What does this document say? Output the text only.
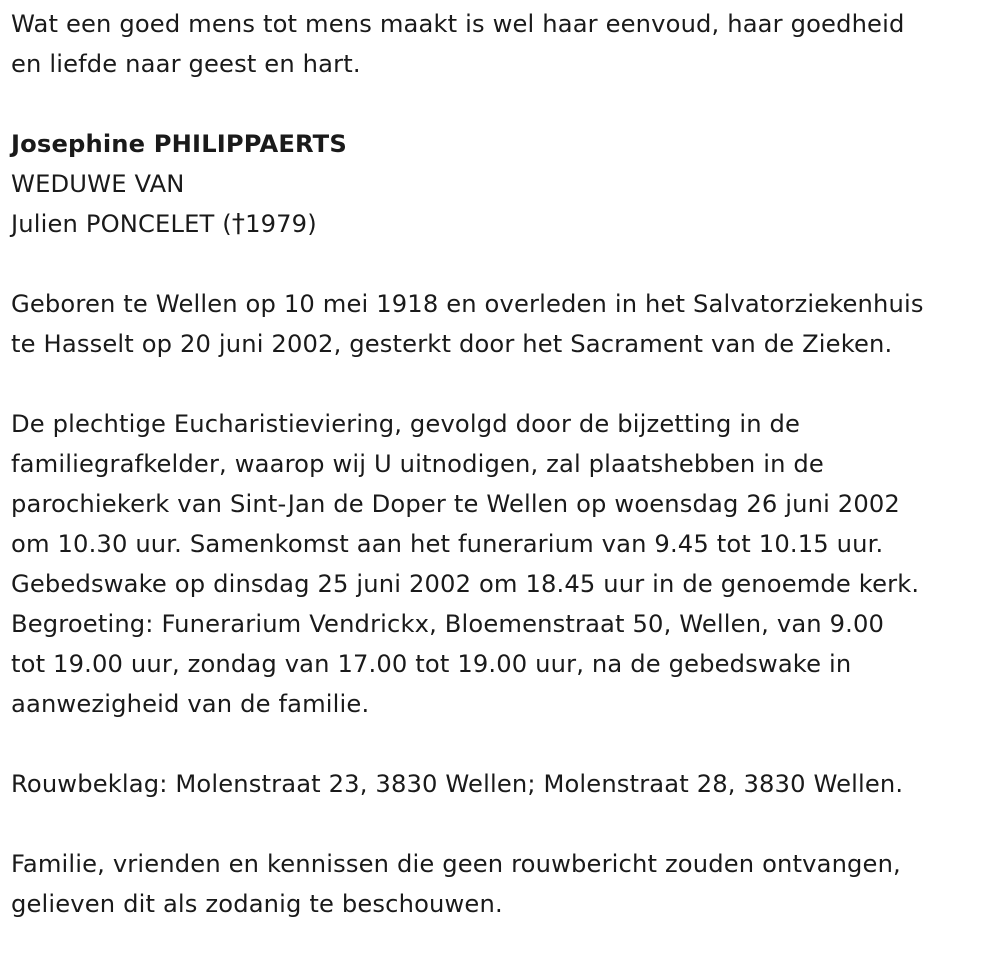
Wat een goed mens tot mens maakt is wel haar eenvoud, haar goedheid
en liefde naar geest en hart.
Josephine PHILIPPAERTS
WEDUWE VAN
Julien PONCELET (†1979)
Geboren te Wellen op 10 mei 1918 en overleden in het Salvatorziekenhuis
te Hasselt op 20 juni 2002, gesterkt door het Sacrament van de Zieken.
De plechtige Eucharistieviering, gevolgd door de bijzetting in de
familiegrafkelder, waarop wij U uitnodigen, zal plaatshebben in de
parochiekerk van Sint-Jan de Doper te Wellen op woensdag 26 juni 2002
om 10.30 uur. Samenkomst aan het funerarium van 9.45 tot 10.15 uur.
Gebedswake op dinsdag 25 juni 2002 om 18.45 uur in de genoemde kerk.
Begroeting: Funerarium Vendrickx, Bloemenstraat 50, Wellen, van 9.00
tot 19.00 uur, zondag van 17.00 tot 19.00 uur, na de gebedswake in
aanwezigheid van de familie.
Rouwbeklag: Molenstraat 23, 3830 Wellen; Molenstraat 28, 3830 Wellen.
Familie, vrienden en kennissen die geen rouwbericht zouden ontvangen,
gelieven dit als zodanig te beschouwen.
